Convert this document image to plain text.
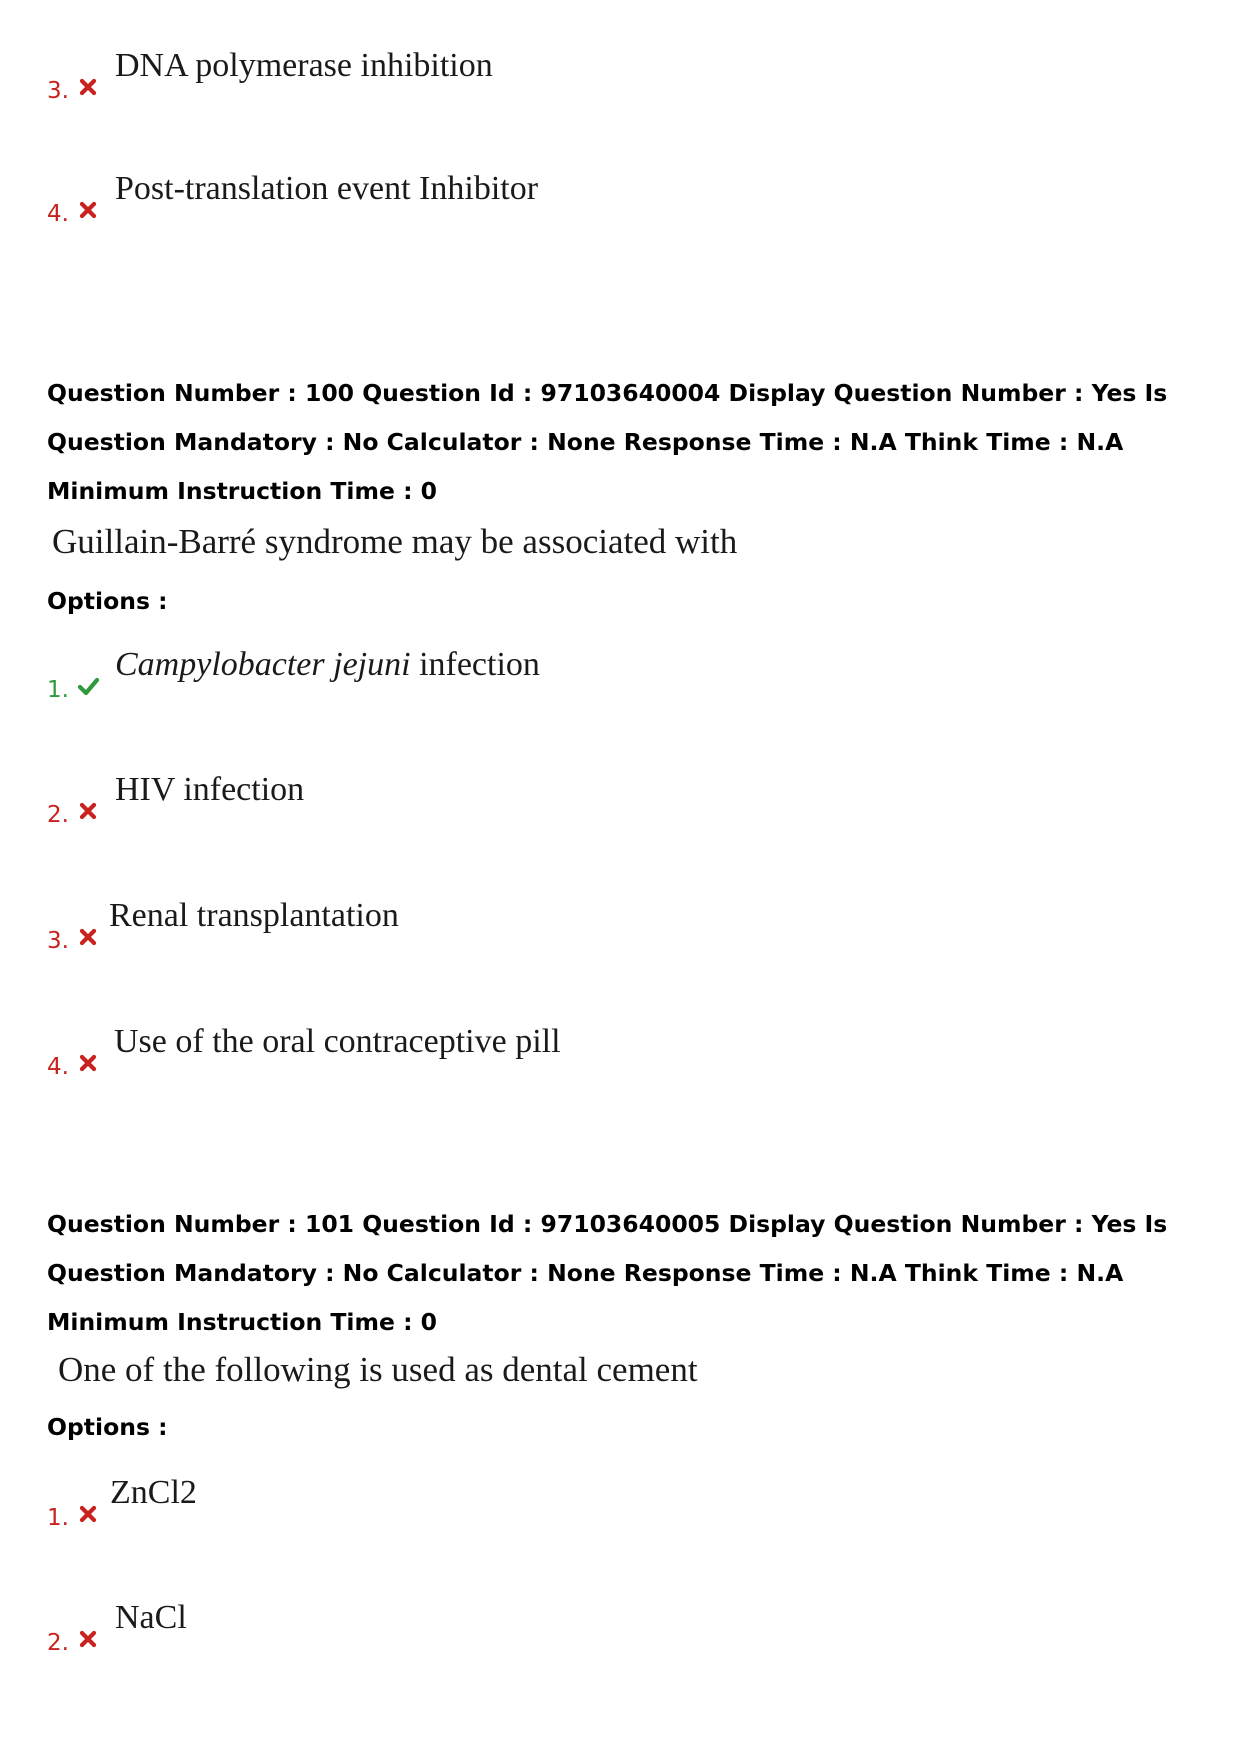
3.
DNA polymerase inhibition
4.
Post-translation event Inhibitor
Question Number : 100 Question Id : 97103640004 Display Question Number : Yes Is Question Mandatory : No Calculator : None Response Time : N.A Think Time : N.A Minimum Instruction Time : 0
Guillain-Barré syndrome may be associated with
Options :
1.
Campylobacter jejuni infection
2.
HIV infection
3.
Renal transplantation
4.
Use of the oral contraceptive pill
Question Number : 101 Question Id : 97103640005 Display Question Number : Yes Is Question Mandatory : No Calculator : None Response Time : N.A Think Time : N.A Minimum Instruction Time : 0
One of the following is used as dental cement
Options :
1.
ZnCl2
2.
NaCl
